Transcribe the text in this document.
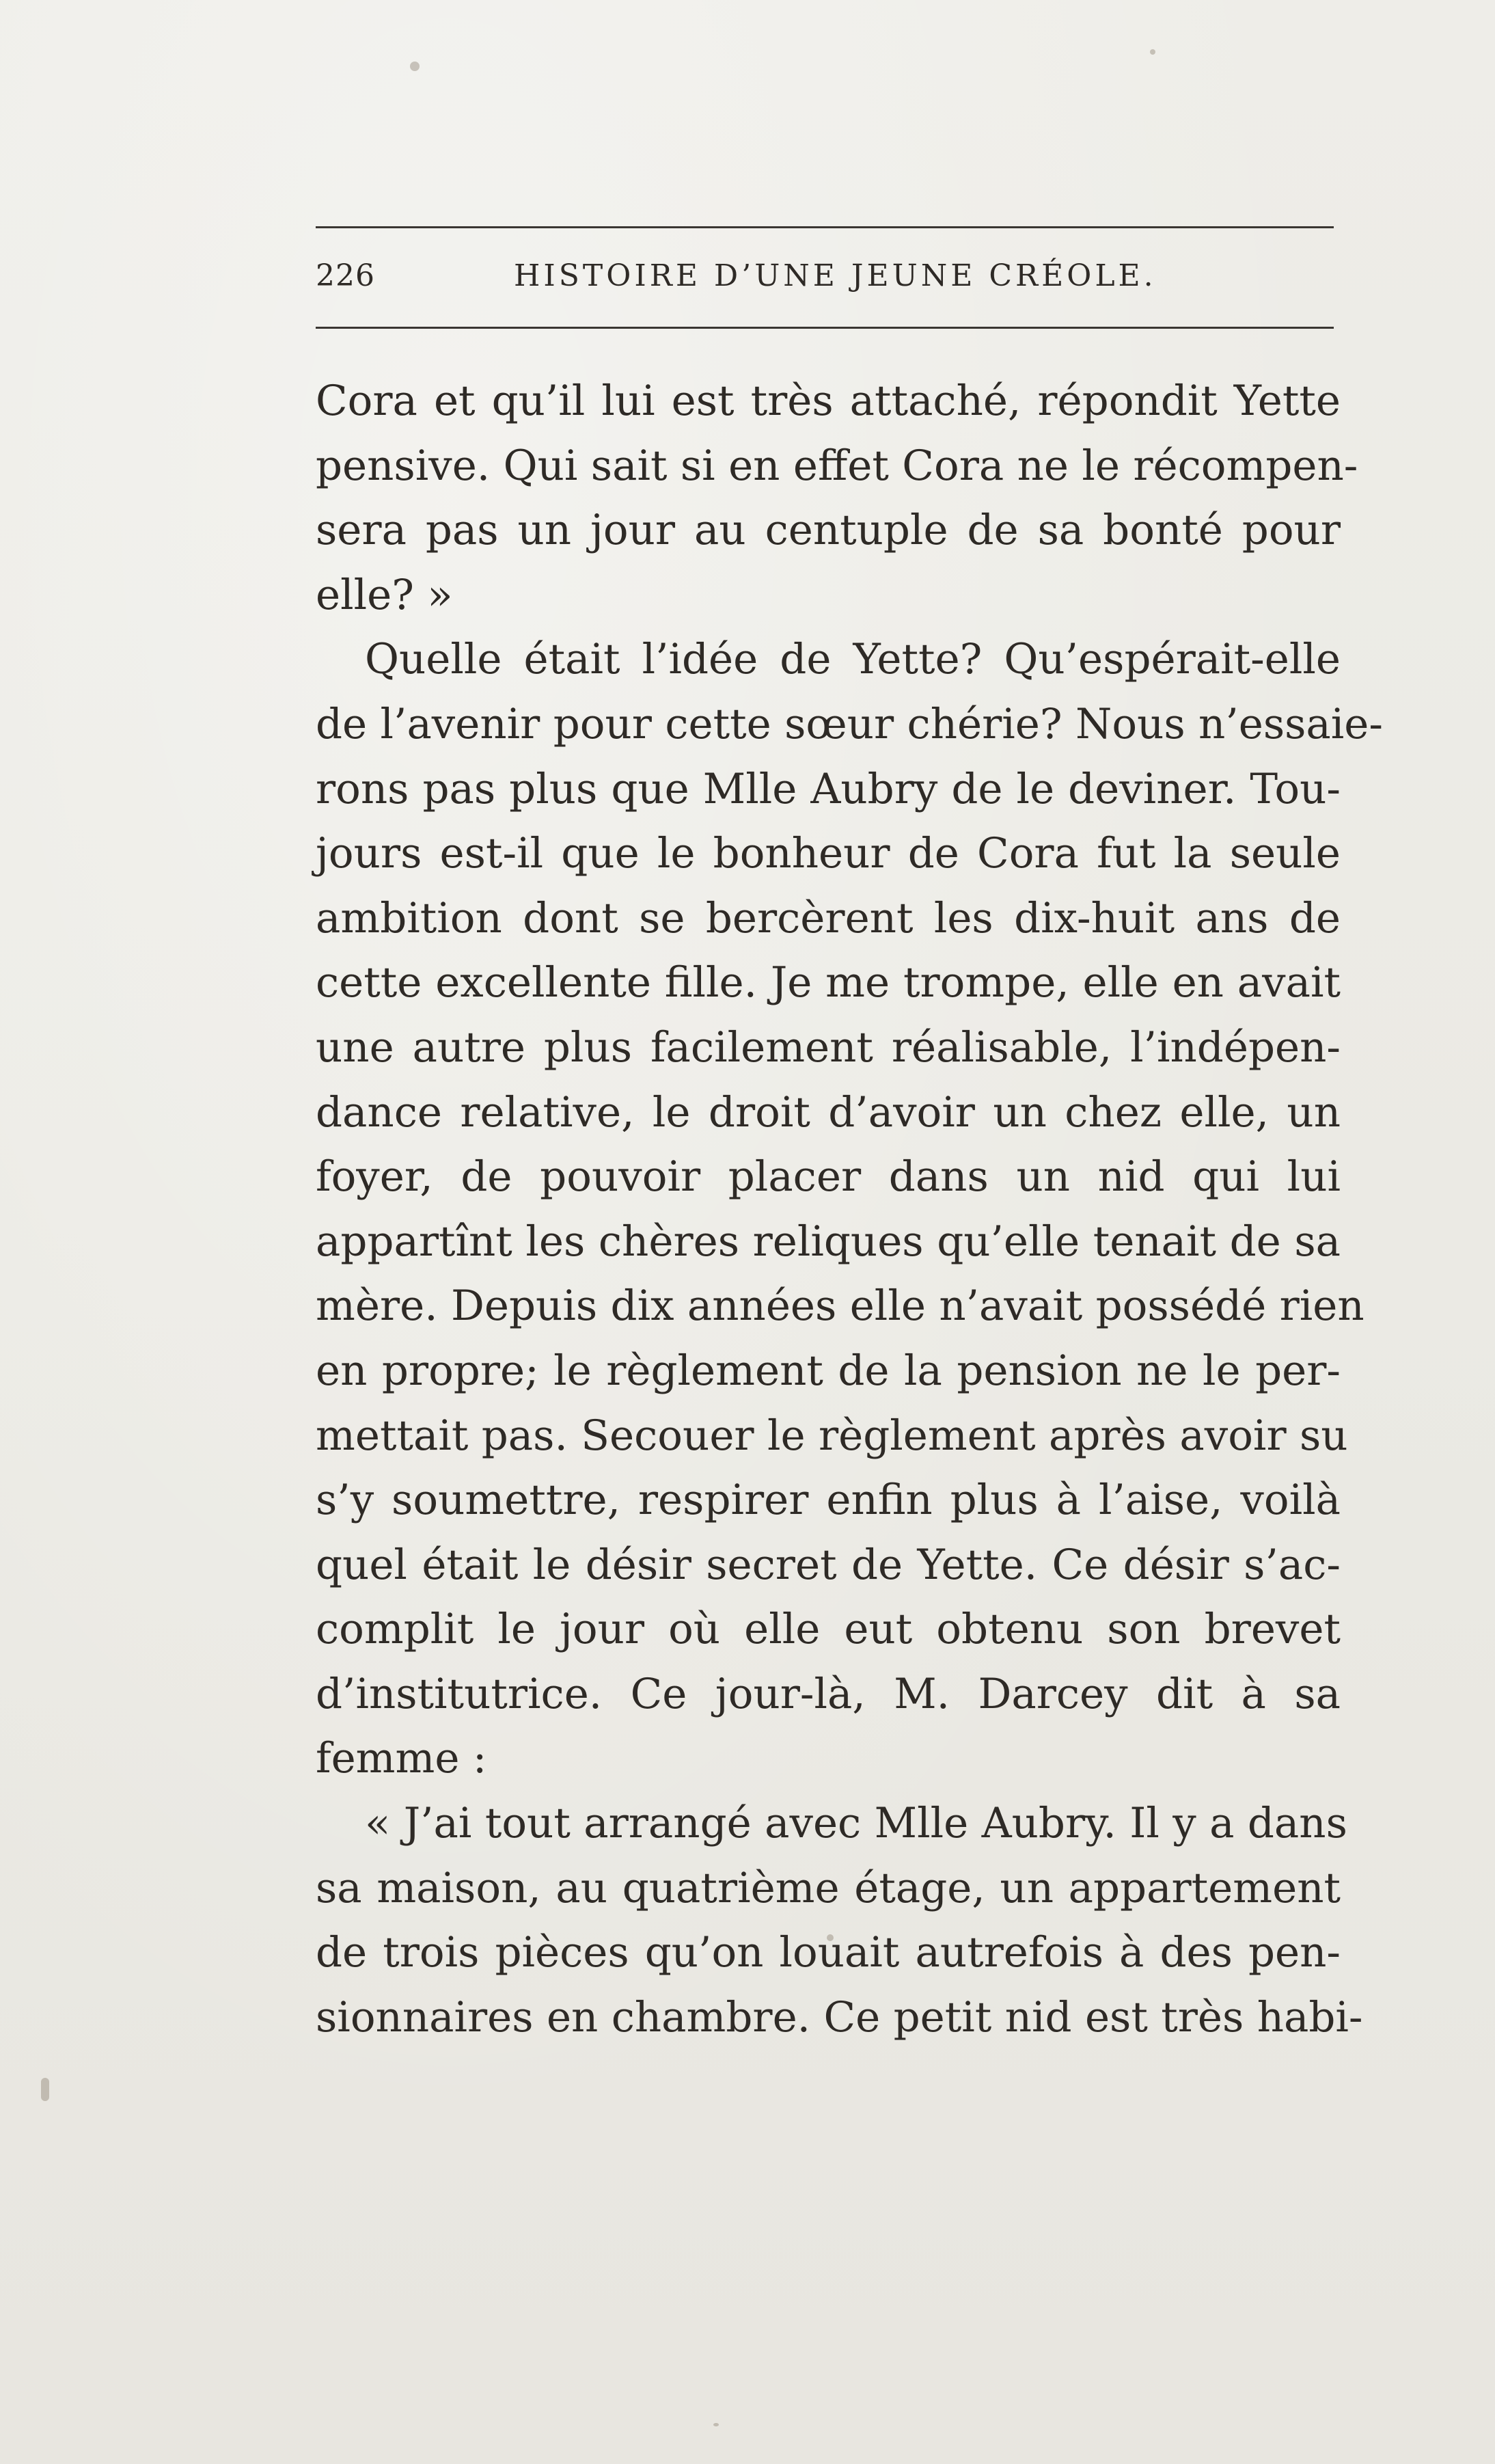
226	HISTOIRE D’UNE JEUNE CRÉOLE.
Cora et qu’il lui est très attaché, répondit Yette
pensive. Qui sait si en effet Cora ne le récompen-
sera pas un jour au centuple de sa bonté pour
elle? »
Quelle était l’idée de Yette? Qu’espérait-elle
de l’avenir pour cette sœur chérie? Nous n’essaie-
rons pas plus que Mlle Aubry de le deviner. Tou-
jours est-il que le bonheur de Cora fut la seule
ambition dont se bercèrent les dix-huit ans de
cette excellente fille. Je me trompe, elle en avait
une autre plus facilement réalisable, l’indépen-
dance relative, le droit d’avoir un chez elle, un
foyer, de pouvoir placer dans un nid qui lui
appartînt les chères reliques qu’elle tenait de sa
mère. Depuis dix années elle n’avait possédé rien
en propre; le règlement de la pension ne le per-
mettait pas. Secouer le règlement après avoir su
s’y soumettre, respirer enfin plus à l’aise, voilà
quel était le désir secret de Yette. Ce désir s’ac-
complit le jour où elle eut obtenu son brevet
d’institutrice. Ce jour-là, M. Darcey dit à sa
femme :
« J’ai tout arrangé avec Mlle Aubry. Il y a dans
sa maison, au quatrième étage, un appartement
de trois pièces qu’on louait autrefois à des pen-
sionnaires en chambre. Ce petit nid est très habi-
